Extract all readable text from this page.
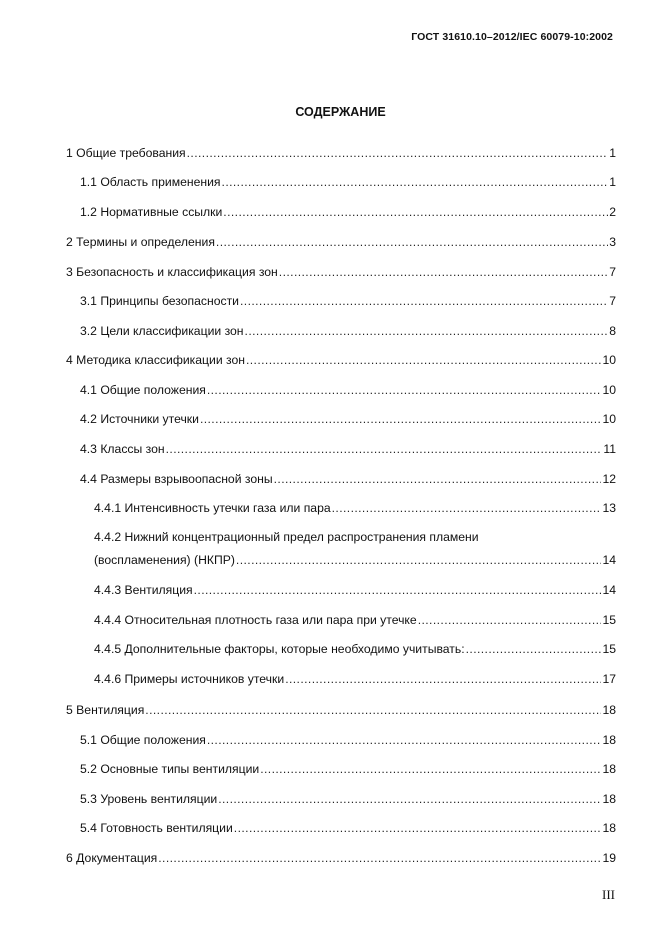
ГОСТ 31610.10–2012/IEC 60079-10:2002
СОДЕРЖАНИЕ
1 Общие требования .....	1
1.1 Область применения .....	1
1.2 Нормативные ссылки .....	2
2 Термины и определения .....	3
3 Безопасность и классификация зон .....	7
3.1 Принципы безопасности .....	7
3.2 Цели классификации зон .....	8
4 Методика классификации зон .....	10
4.1 Общие положения .....	10
4.2 Источники утечки .....	10
4.3 Классы зон .....	11
4.4 Размеры взрывоопасной зоны .....	12
4.4.1 Интенсивность утечки газа или пара .....	13
4.4.2 Нижний концентрационный предел распространения пламени
(воспламенения) (НКПР) .....	14
4.4.3 Вентиляция .....	14
4.4.4 Относительная плотность газа или пара при утечке .....	15
4.4.5 Дополнительные факторы, которые необходимо учитывать: .....	15
4.4.6 Примеры источников утечки .....	17
5 Вентиляция .....	18
5.1 Общие положения .....	18
5.2 Основные типы вентиляции .....	18
5.3 Уровень вентиляции .....	18
5.4 Готовность вентиляции .....	18
6 Документация .....	19
III
